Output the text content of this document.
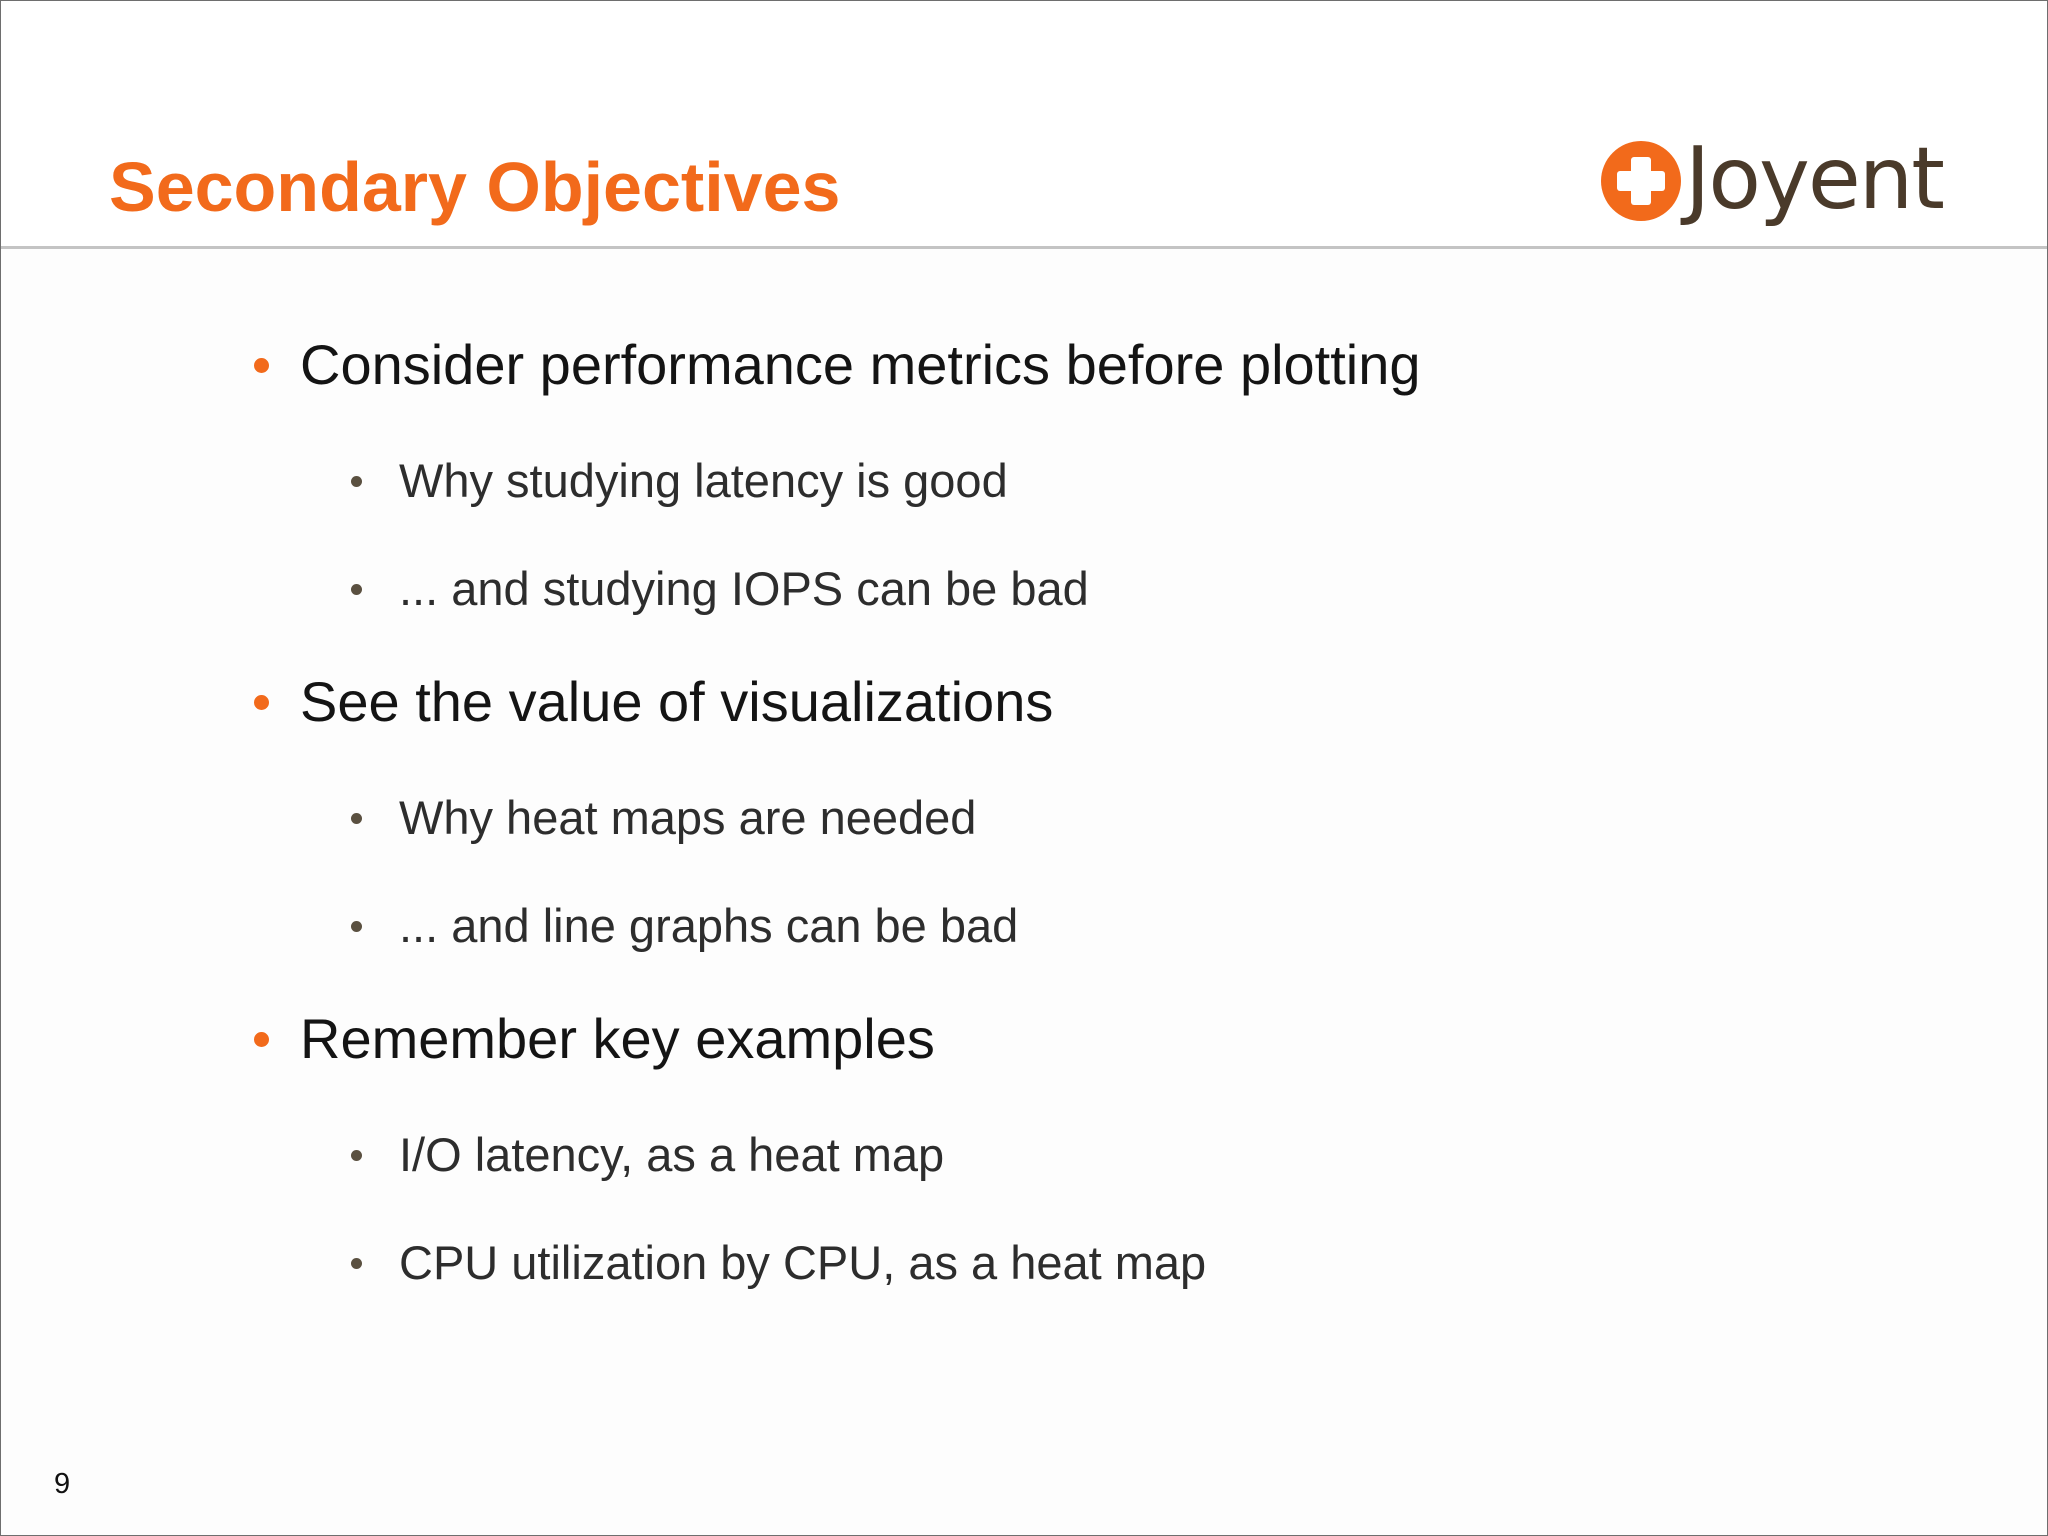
Secondary Objectives	Joyent
Consider performance metrics before plotting
Why studying latency is good
... and studying IOPS can be bad
See the value of visualizations
Why heat maps are needed
... and line graphs can be bad
Remember key examples
I/O latency, as a heat map
CPU utilization by CPU, as a heat map
9
